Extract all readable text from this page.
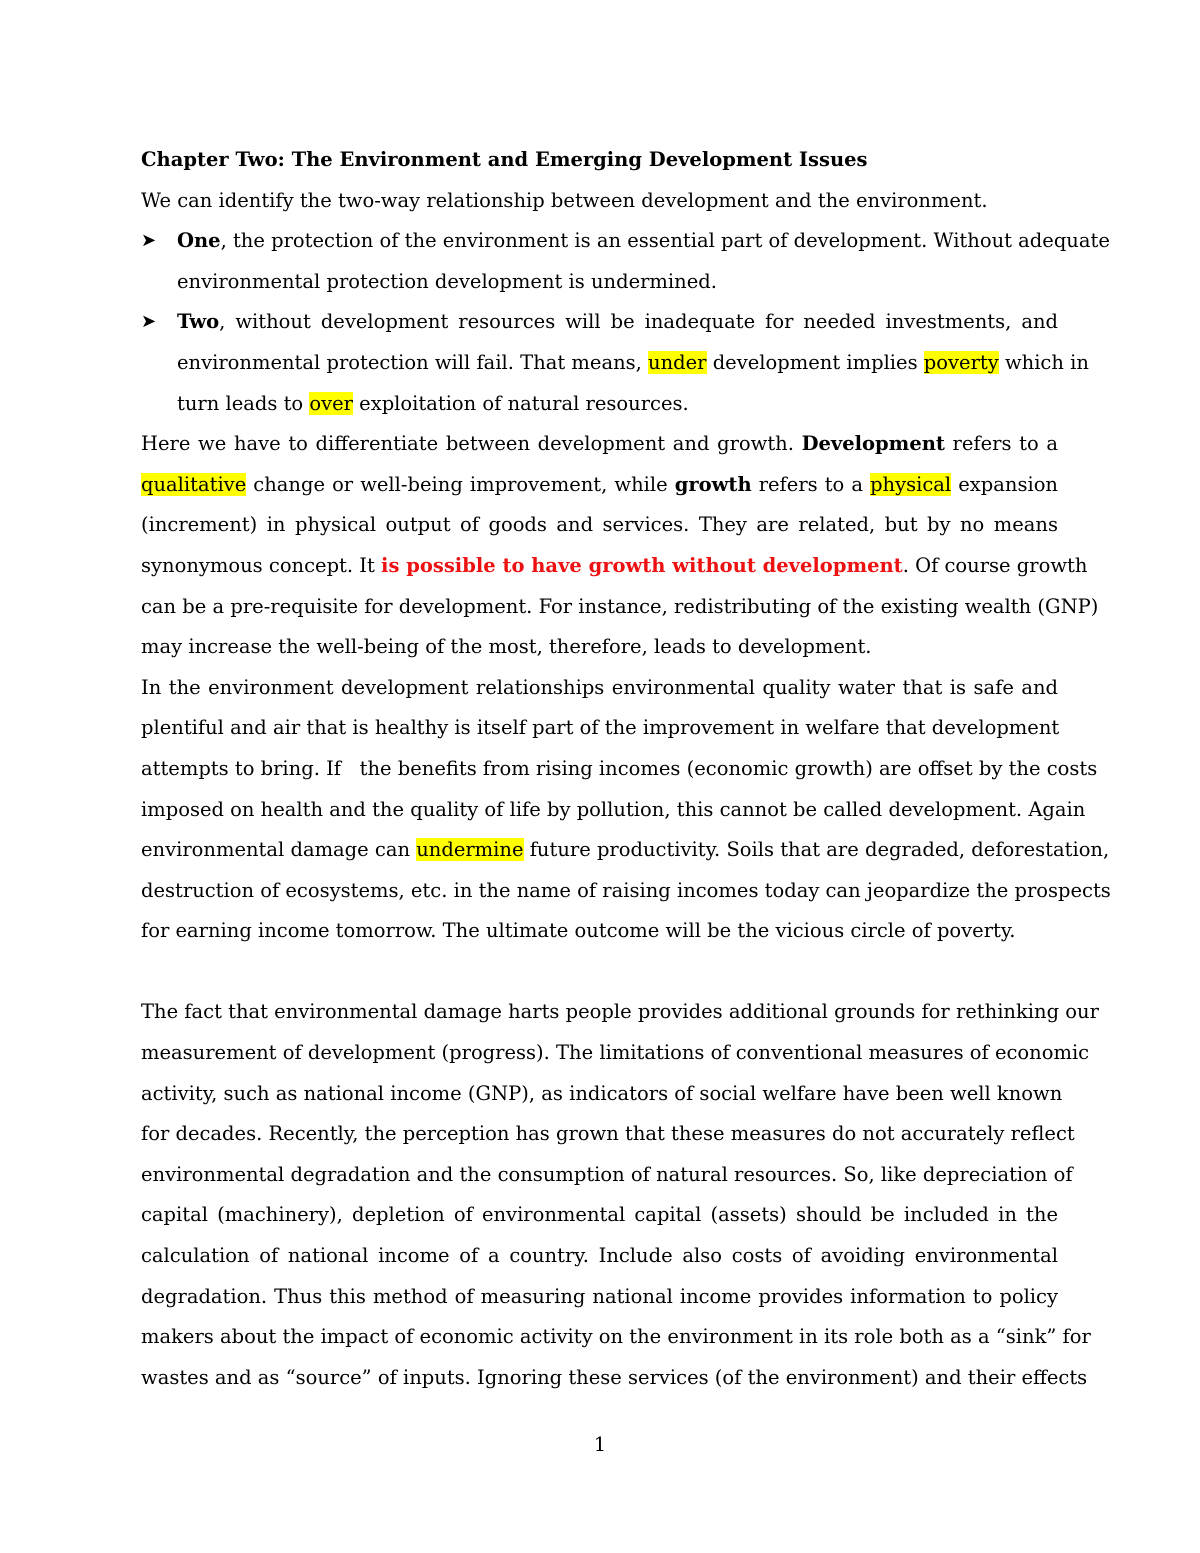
Chapter Two: The Environment and Emerging Development Issues
We can identify the two-way relationship between development and the environment.
➤ One, the protection of the environment is an essential part of development. Without adequate
environmental protection development is undermined.
➤ Two, without development resources will be inadequate for needed investments, and
environmental protection will fail. That means, under development implies poverty which in
turn leads to over exploitation of natural resources.
Here we have to differentiate between development and growth. Development refers to a
qualitative change or well-being improvement, while growth refers to a physical expansion
(increment) in physical output of goods and services. They are related, but by no means
synonymous concept. It is possible to have growth without development. Of course growth
can be a pre-requisite for development. For instance, redistributing of the existing wealth (GNP)
may increase the well-being of the most, therefore, leads to development.
In the environment development relationships environmental quality water that is safe and
plentiful and air that is healthy is itself part of the improvement in welfare that development
attempts to bring. If   the benefits from rising incomes (economic growth) are offset by the costs
imposed on health and the quality of life by pollution, this cannot be called development. Again
environmental damage can undermine future productivity. Soils that are degraded, deforestation,
destruction of ecosystems, etc. in the name of raising incomes today can jeopardize the prospects
for earning income tomorrow. The ultimate outcome will be the vicious circle of poverty.
The fact that environmental damage harts people provides additional grounds for rethinking our
measurement of development (progress). The limitations of conventional measures of economic
activity, such as national income (GNP), as indicators of social welfare have been well known
for decades. Recently, the perception has grown that these measures do not accurately reflect
environmental degradation and the consumption of natural resources. So, like depreciation of
capital (machinery), depletion of environmental capital (assets) should be included in the
calculation of national income of a country. Include also costs of avoiding environmental
degradation. Thus this method of measuring national income provides information to policy
makers about the impact of economic activity on the environment in its role both as a “sink” for
wastes and as “source” of inputs. Ignoring these services (of the environment) and their effects
1
